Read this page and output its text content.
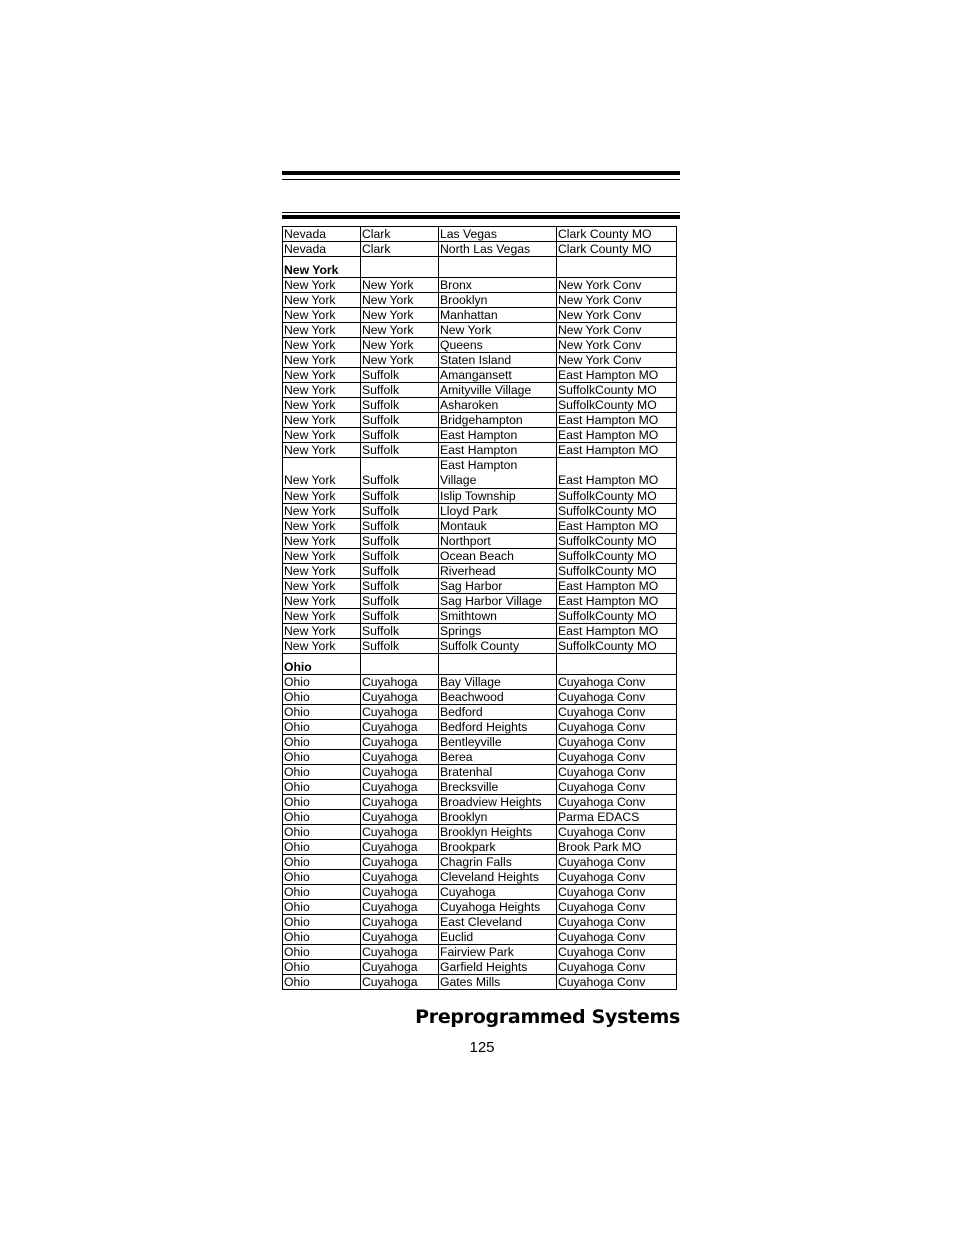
Nevada	Clark	Las Vegas	Clark County MO
Nevada	Clark	North Las Vegas	Clark County MO
New York			
New York	New York	Bronx	New York Conv
New York	New York	Brooklyn	New York Conv
New York	New York	Manhattan	New York Conv
New York	New York	New York	New York Conv
New York	New York	Queens	New York Conv
New York	New York	Staten Island	New York Conv
New York	Suffolk	Amangansett	East Hampton MO
New York	Suffolk	Amityville Village	SuffolkCounty MO
New York	Suffolk	Asharoken	SuffolkCounty MO
New York	Suffolk	Bridgehampton	East Hampton MO
New York	Suffolk	East Hampton	East Hampton MO
New York	Suffolk	East Hampton	East Hampton MO
New York	Suffolk	East Hampton Village	East Hampton MO
New York	Suffolk	Islip Township	SuffolkCounty MO
New York	Suffolk	Lloyd Park	SuffolkCounty MO
New York	Suffolk	Montauk	East Hampton MO
New York	Suffolk	Northport	SuffolkCounty MO
New York	Suffolk	Ocean Beach	SuffolkCounty MO
New York	Suffolk	Riverhead	SuffolkCounty MO
New York	Suffolk	Sag Harbor	East Hampton MO
New York	Suffolk	Sag Harbor Village	East Hampton MO
New York	Suffolk	Smithtown	SuffolkCounty MO
New York	Suffolk	Springs	East Hampton MO
New York	Suffolk	Suffolk County	SuffolkCounty MO
Ohio			
Ohio	Cuyahoga	Bay Village	Cuyahoga Conv
Ohio	Cuyahoga	Beachwood	Cuyahoga Conv
Ohio	Cuyahoga	Bedford	Cuyahoga Conv
Ohio	Cuyahoga	Bedford Heights	Cuyahoga Conv
Ohio	Cuyahoga	Bentleyville	Cuyahoga Conv
Ohio	Cuyahoga	Berea	Cuyahoga Conv
Ohio	Cuyahoga	Bratenhal	Cuyahoga Conv
Ohio	Cuyahoga	Brecksville	Cuyahoga Conv
Ohio	Cuyahoga	Broadview Heights	Cuyahoga Conv
Ohio	Cuyahoga	Brooklyn	Parma EDACS
Ohio	Cuyahoga	Brooklyn Heights	Cuyahoga Conv
Ohio	Cuyahoga	Brookpark	Brook Park MO
Ohio	Cuyahoga	Chagrin Falls	Cuyahoga Conv
Ohio	Cuyahoga	Cleveland Heights	Cuyahoga Conv
Ohio	Cuyahoga	Cuyahoga	Cuyahoga Conv
Ohio	Cuyahoga	Cuyahoga Heights	Cuyahoga Conv
Ohio	Cuyahoga	East Cleveland	Cuyahoga Conv
Ohio	Cuyahoga	Euclid	Cuyahoga Conv
Ohio	Cuyahoga	Fairview Park	Cuyahoga Conv
Ohio	Cuyahoga	Garfield Heights	Cuyahoga Conv
Ohio	Cuyahoga	Gates Mills	Cuyahoga Conv
Preprogrammed Systems
125
